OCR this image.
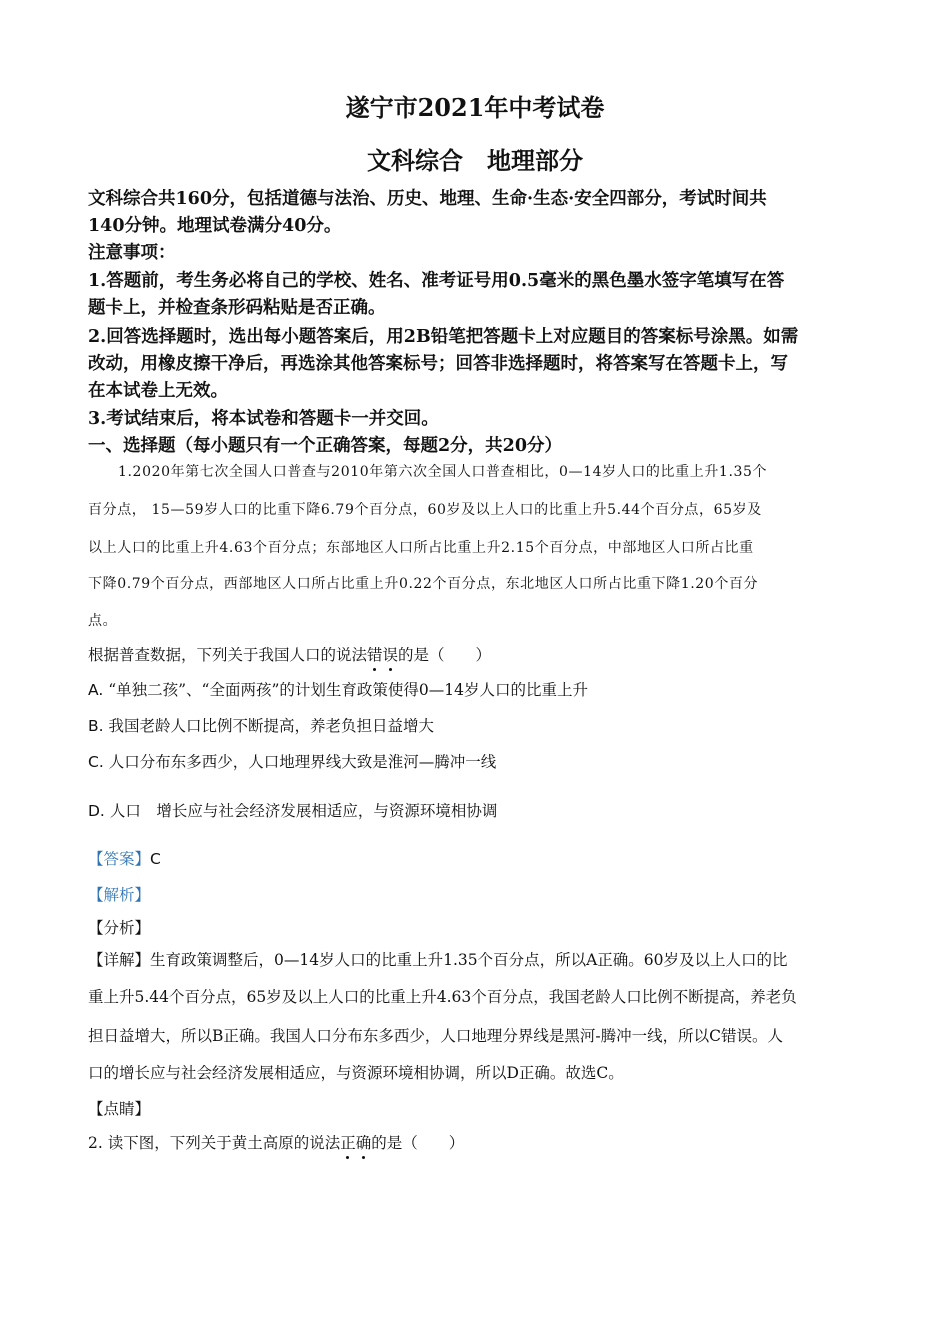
遂宁市2021年中考试卷
文科综合　地理部分
文科综合共160分，包括道德与法治、历史、地理、生命·生态·安全四部分，考试时间共
140分钟。地理试卷满分40分。
注意事项：
1.答题前，考生务必将自己的学校、姓名、准考证号用0.5毫米的黑色墨水签字笔填写在答
题卡上，并检查条形码粘贴是否正确。
2.回答选择题时，选出每小题答案后，用2B铅笔把答题卡上对应题目的答案标号涂黑。如需
改动，用橡皮擦干净后，再选涂其他答案标号；回答非选择题时，将答案写在答题卡上，写
在本试卷上无效。
3.考试结束后，将本试卷和答题卡一并交回。
一、选择题（每小题只有一个正确答案，每题2分，共20分）
1.2020年第七次全国人口普查与2010年第六次全国人口普查相比，0—14岁人口的比重上升1.35个
百分点， 15—59岁人口的比重下降6.79个百分点，60岁及以上人口的比重上升5.44个百分点，65岁及
以上人口的比重上升4.63个百分点；东部地区人口所占比重上升2.15个百分点，中部地区人口所占比重
下降0.79个百分点，西部地区人口所占比重上升0.22个百分点，东北地区人口所占比重下降1.20个百分
点。
根据普查数据，下列关于我国人口的说法错误的是（　　）
A. “单独二孩”、“全面两孩”的计划生育政策使得0—14岁人口的比重上升
B. 我国老龄人口比例不断提高，养老负担日益增大
C. 人口分布东多西少，人口地理界线大致是淮河—腾冲一线
D. 人口　增长应与社会经济发展相适应，与资源环境相协调
【答案】C
【解析】
【分析】
【详解】生育政策调整后，0—14岁人口的比重上升1.35个百分点，所以A正确。60岁及以上人口的比
重上升5.44个百分点，65岁及以上人口的比重上升4.63个百分点，我国老龄人口比例不断提高，养老负
担日益增大，所以B正确。我国人口分布东多西少，人口地理分界线是黑河-腾冲一线，所以C错误。人
口的增长应与社会经济发展相适应，与资源环境相协调，所以D正确。故选C。
【点睛】
2. 读下图，下列关于黄土高原的说法正确的是（　　）
